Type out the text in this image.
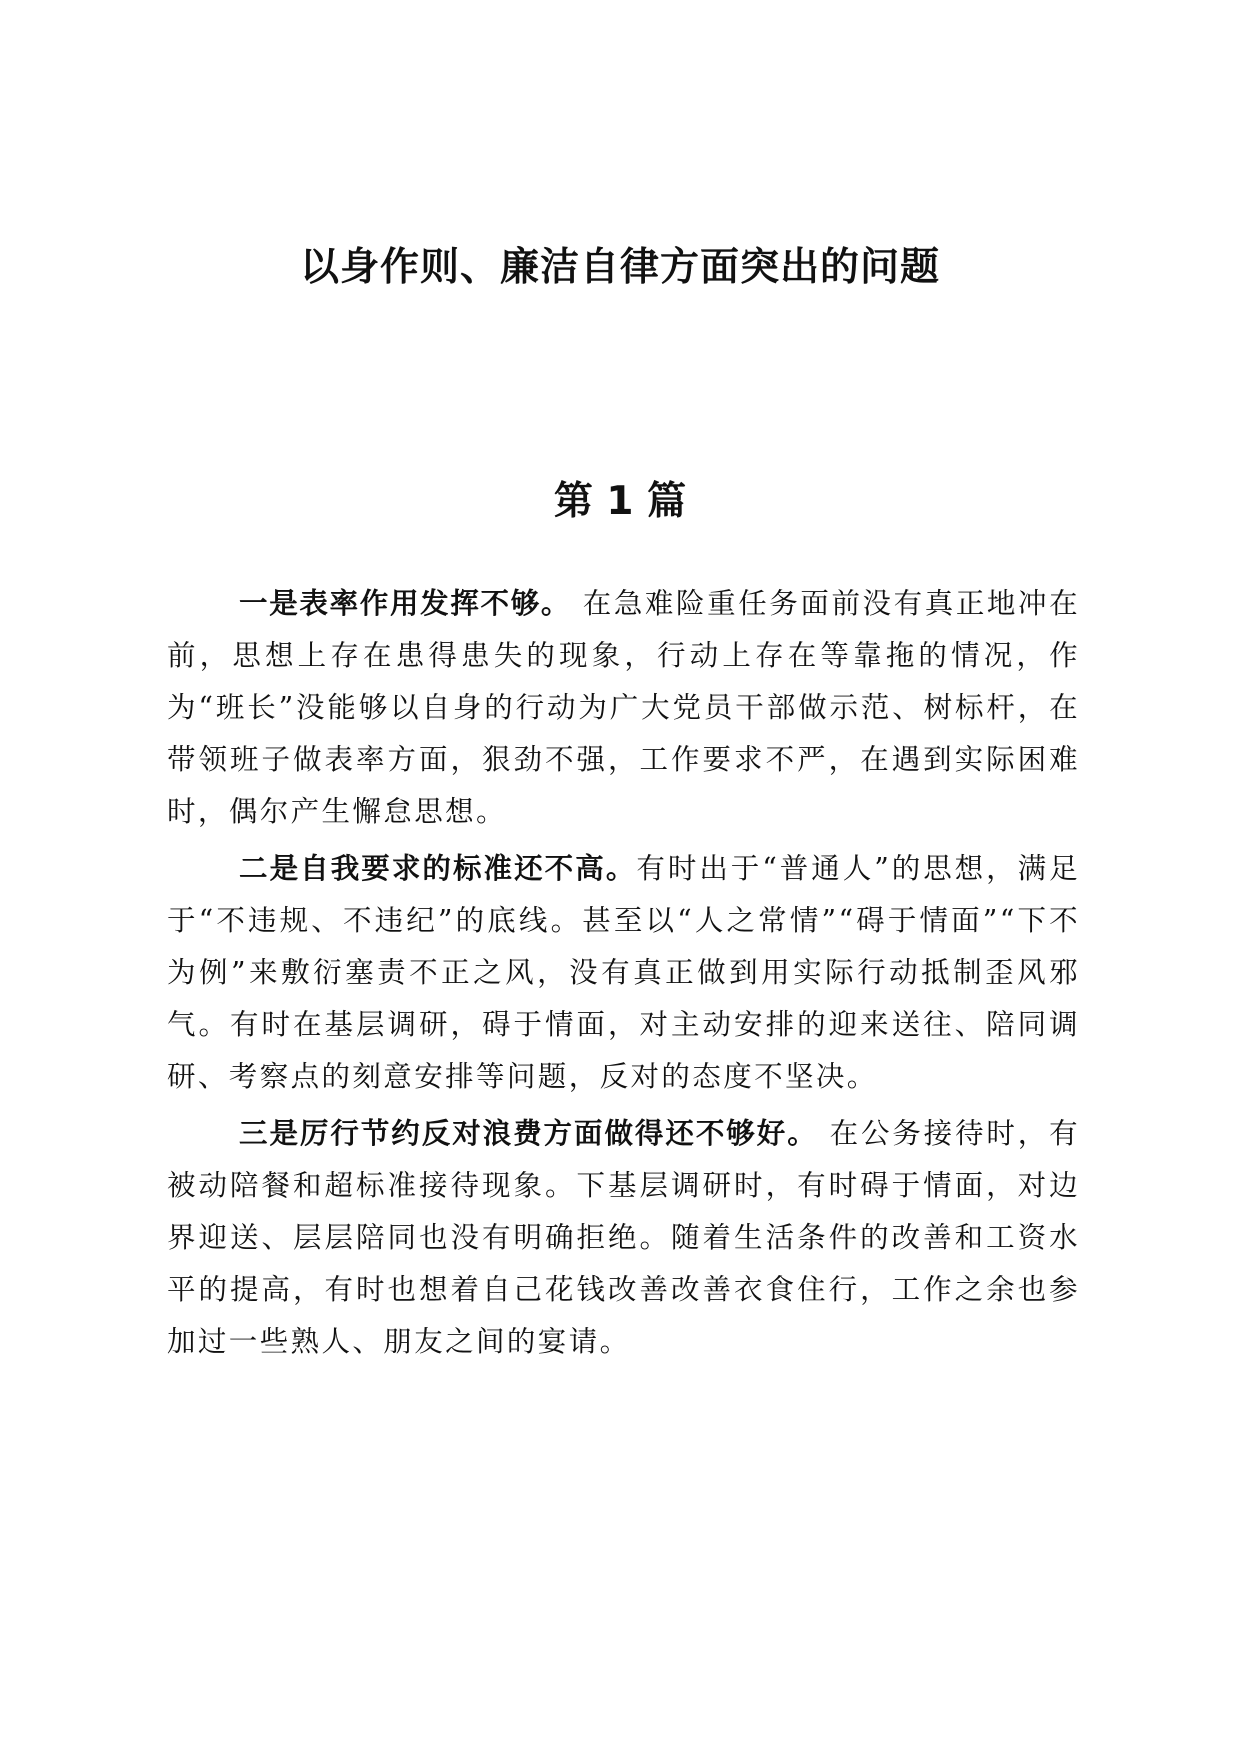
以身作则、廉洁自律方面突出的问题
第 1 篇

一是表率作用发挥不够。 在急难险重任务面前没有真正地冲在前，思想上存在患得患失的现象，行动上存在等靠拖的情况，作为“班长”没能够以自身的行动为广大党员干部做示范、树标杆，在带领班子做表率方面，狠劲不强，工作要求不严，在遇到实际困难时，偶尔产生懈怠思想。

二是自我要求的标准还不高。有时出于“普通人”的思想，满足于“不违规、不违纪”的底线。甚至以“人之常情”“碍于情面”“下不为例”来敷衍塞责不正之风，没有真正做到用实际行动抵制歪风邪气。有时在基层调研，碍于情面，对主动安排的迎来送往、陪同调研、考察点的刻意安排等问题，反对的态度不坚决。

三是厉行节约反对浪费方面做得还不够好。 在公务接待时，有被动陪餐和超标准接待现象。下基层调研时，有时碍于情面，对边界迎送、层层陪同也没有明确拒绝。随着生活条件的改善和工资水平的提高，有时也想着自己花钱改善改善衣食住行，工作之余也参加过一些熟人、朋友之间的宴请。
